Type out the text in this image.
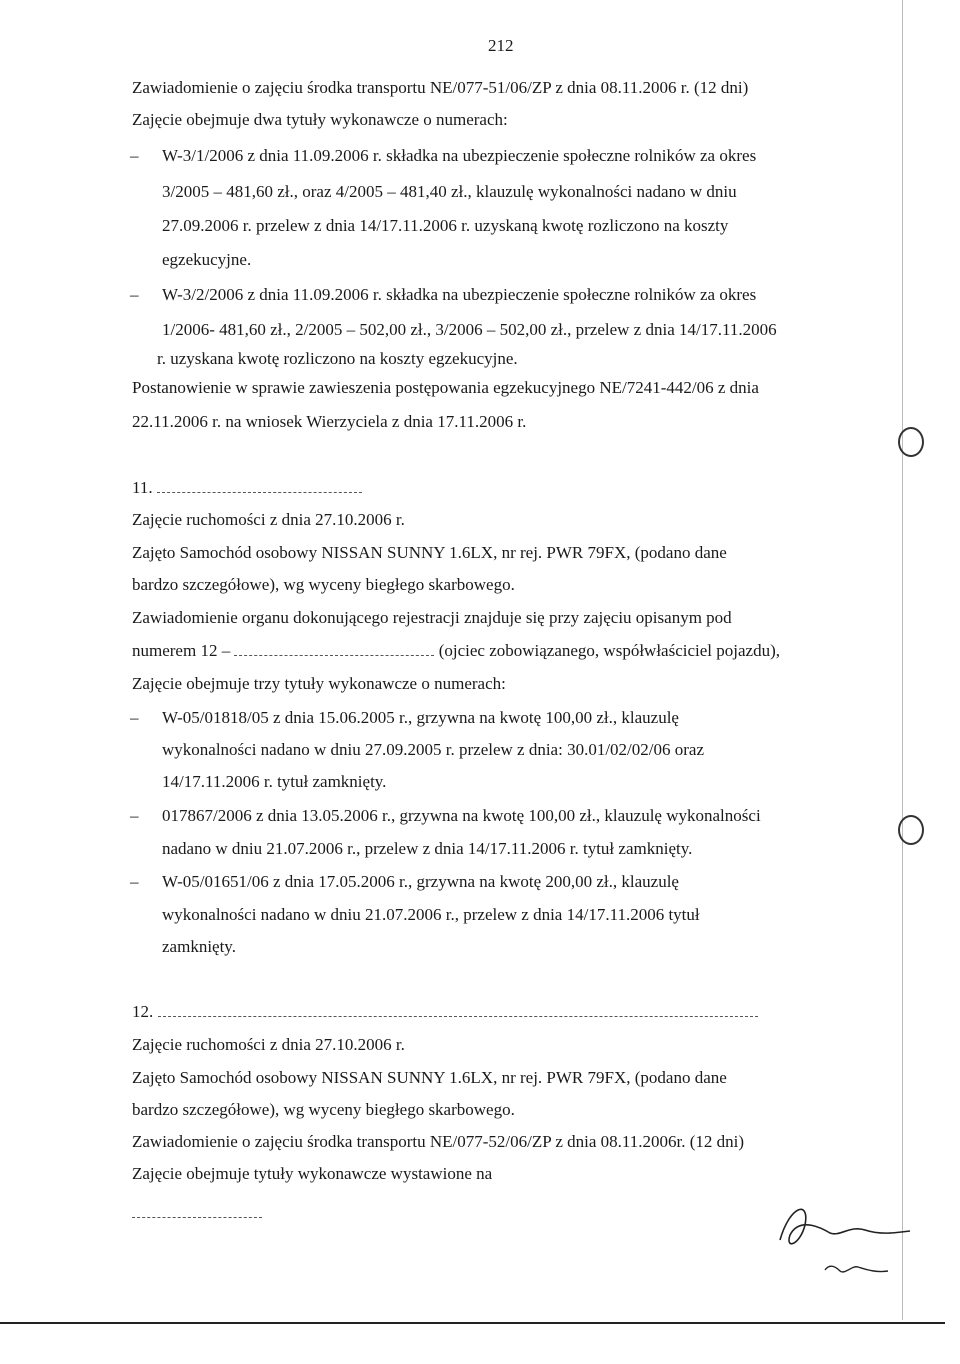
212
Zawiadomienie o zajęciu środka transportu NE/077-51/06/ZP z dnia 08.11.2006 r. (12 dni)
Zajęcie obejmuje dwa tytuły wykonawcze o numerach:
– W-3/1/2006 z dnia 11.09.2006 r. składka na ubezpieczenie społeczne rolników za okres
3/2005 – 481,60 zł., oraz 4/2005 – 481,40 zł., klauzulę wykonalności nadano w dniu
27.09.2006 r. przelew z dnia 14/17.11.2006 r. uzyskaną kwotę rozliczono na koszty
egzekucyjne.
– W-3/2/2006 z dnia 11.09.2006 r. składka na ubezpieczenie społeczne rolników za okres
1/2006- 481,60 zł., 2/2005 – 502,00 zł., 3/2006 – 502,00 zł., przelew z dnia 14/17.11.2006
r. uzyskana kwotę rozliczono na koszty egzekucyjne.
Postanowienie w sprawie zawieszenia postępowania egzekucyjnego NE/7241-442/06 z dnia
22.11.2006 r. na wniosek Wierzyciela z dnia 17.11.2006 r.
11.
Zajęcie ruchomości z dnia 27.10.2006 r.
Zajęto Samochód osobowy NISSAN SUNNY 1.6LX, nr rej. PWR 79FX, (podano dane
bardzo szczegółowe), wg wyceny biegłego skarbowego.
Zawiadomienie organu dokonującego rejestracji znajduje się przy zajęciu opisanym pod
numerem 12 –	(ojciec zobowiązanego, współwłaściciel pojazdu),
Zajęcie obejmuje trzy tytuły wykonawcze o numerach:
– W-05/01818/05 z dnia 15.06.2005 r., grzywna na kwotę 100,00 zł., klauzulę
wykonalności nadano w dniu 27.09.2005 r. przelew z dnia: 30.01/02/02/06 oraz
14/17.11.2006 r. tytuł zamknięty.
– 017867/2006 z dnia 13.05.2006 r., grzywna na kwotę 100,00 zł., klauzulę wykonalności
nadano w dniu 21.07.2006 r., przelew z dnia 14/17.11.2006 r. tytuł zamknięty.
– W-05/01651/06 z dnia 17.05.2006 r., grzywna na kwotę 200,00 zł., klauzulę
wykonalności nadano w dniu 21.07.2006 r., przelew z dnia 14/17.11.2006 tytuł
zamknięty.
12.
Zajęcie ruchomości z dnia 27.10.2006 r.
Zajęto Samochód osobowy NISSAN SUNNY 1.6LX, nr rej. PWR 79FX, (podano dane
bardzo szczegółowe), wg wyceny biegłego skarbowego.
Zawiadomienie o zajęciu środka transportu NE/077-52/06/ZP z dnia 08.11.2006r. (12 dni)
Zajęcie obejmuje tytuły wykonawcze wystawione na
